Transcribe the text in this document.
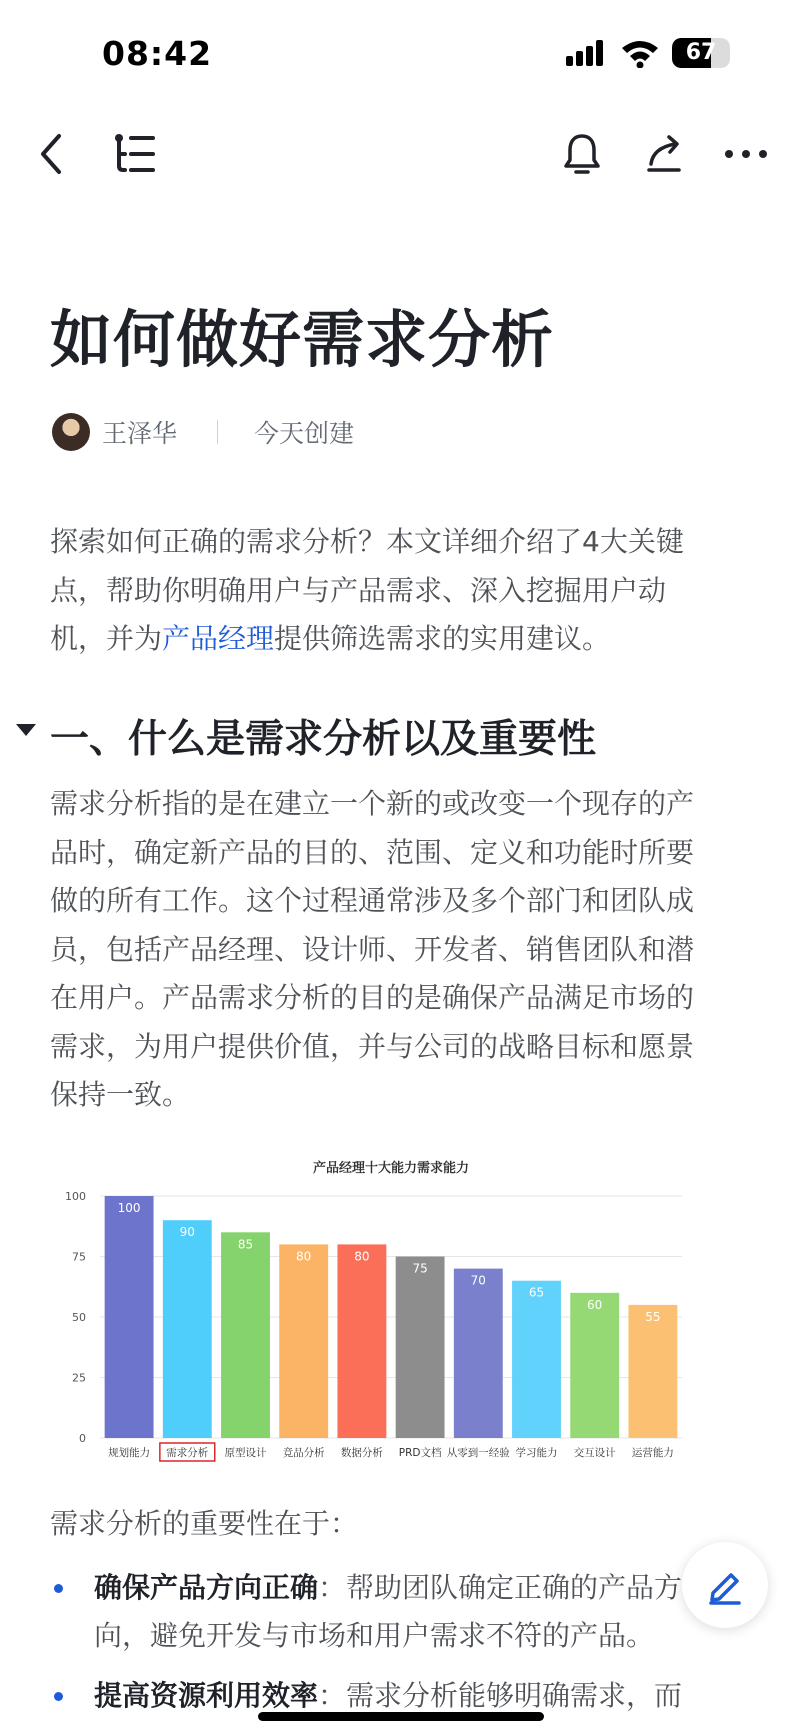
08:42	67
如何做好需求分析
王泽华	今天创建
探索如何正确的需求分析？本文详细介绍了4大关键
点，帮助你明确用户与产品需求、深入挖掘用户动
机，并为产品经理提供筛选需求的实用建议。
一、什么是需求分析以及重要性
需求分析指的是在建立一个新的或改变一个现存的产
品时，确定新产品的目的、范围、定义和功能时所要
做的所有工作。这个过程通常涉及多个部门和团队成
员，包括产品经理、设计师、开发者、销售团队和潜
在用户。产品需求分析的目的是确保产品满足市场的
需求，为用户提供价值，并与公司的战略目标和愿景
保持一致。
产品经理十大能力需求能力
0
25
50
75
100
100
规划能力
90
需求分析
85
原型设计
80
竞品分析
80
数据分析
75
PRD文档
70
从零到一经验
65
学习能力
60
交互设计
55
运营能力
需求分析的重要性在于：
确保产品方向正确：帮助团队确定正确的产品方
向，避免开发与市场和用户需求不符的产品。
提高资源利用效率：需求分析能够明确需求，而
